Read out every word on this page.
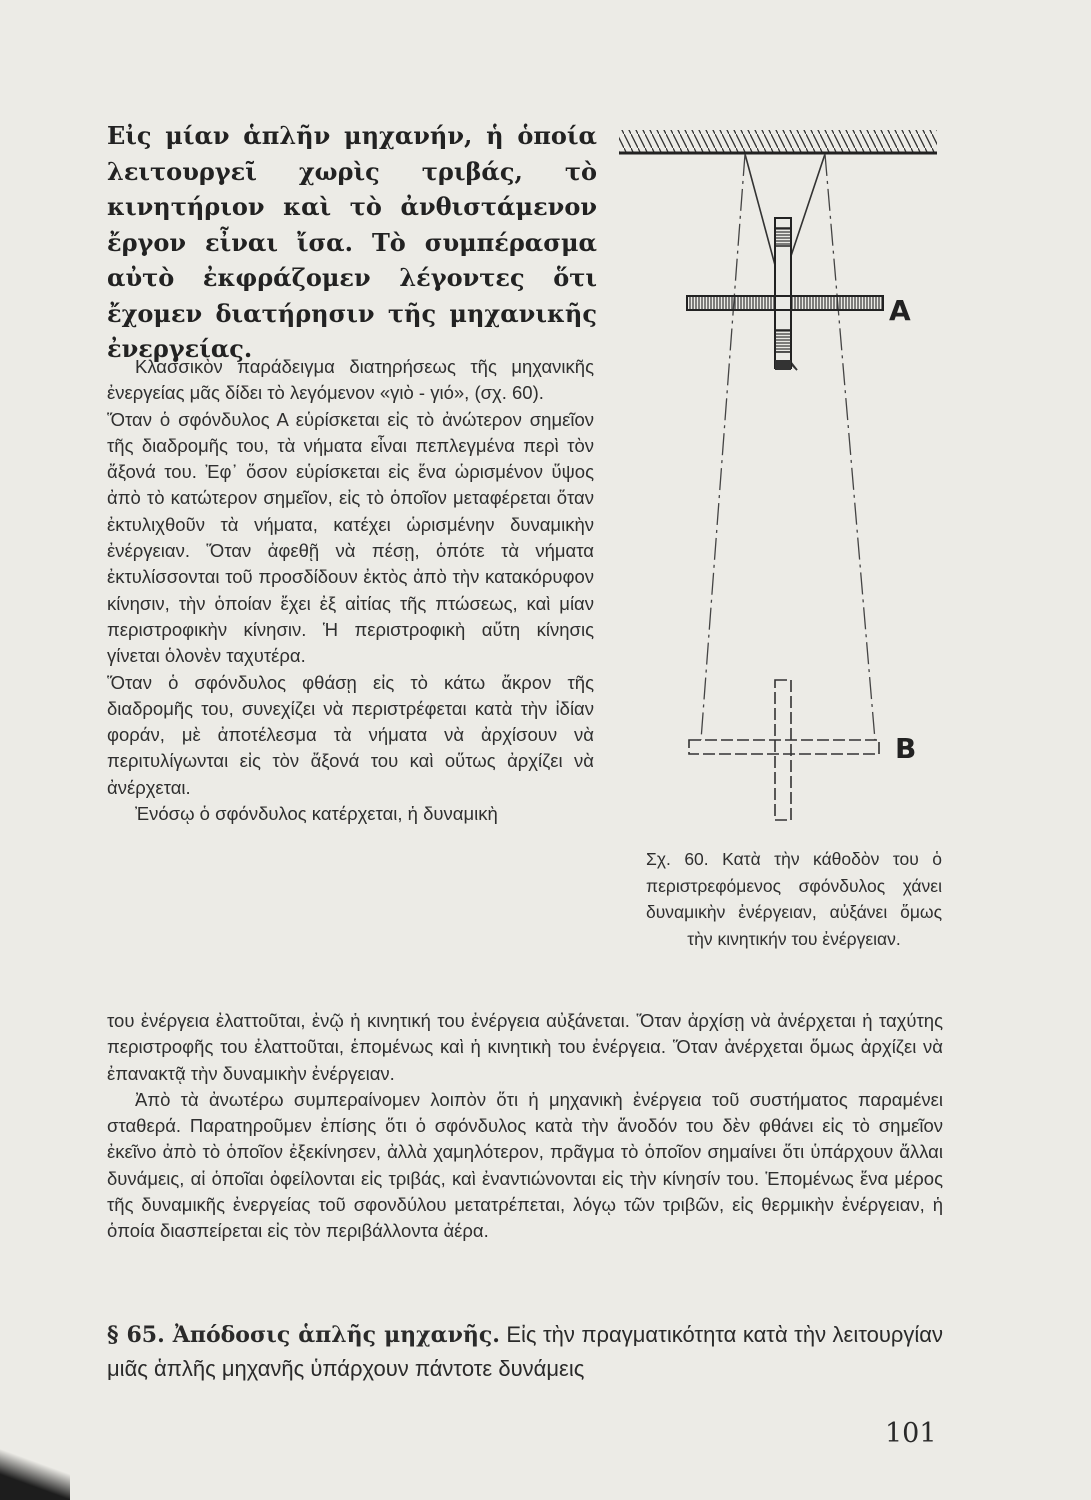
Εἰς μίαν ἁπλῆν μηχανήν, ἡ ὁποία λειτουργεῖ χωρὶς τριβάς, τὸ κινητήριον καὶ τὸ ἀνθιστάμενον ἔργον εἶναι ἴσα. Τὸ συμπέρασμα αὐτὸ ἐκφράζομεν λέγοντες ὅτι ἔχομεν διατήρησιν τῆς μηχανικῆς ἐνεργείας.

Κλασσικὸν παράδειγμα διατηρήσεως τῆς μηχανικῆς ἐνεργείας μᾶς δίδει τὸ λεγόμενον «γιὸ - γιό», (σχ. 60).

Ὅταν ὁ σφόνδυλος Α εὑρίσκεται εἰς τὸ ἀνώτερον σημεῖον τῆς διαδρομῆς του, τὰ νήματα εἶναι πεπλεγμένα περὶ τὸν ἄξονά του. Ἐφ᾽ ὅσον εὑρίσκεται εἰς ἕνα ὡρισμένον ὕψος ἀπὸ τὸ κατώτερον σημεῖον, εἰς τὸ ὁποῖον μεταφέρεται ὅταν ἐκτυλιχθοῦν τὰ νήματα, κατέχει ὡρισμένην δυναμικὴν ἐνέργειαν. Ὅταν ἀφεθῇ νὰ πέσῃ, ὁπότε τὰ νήματα ἐκτυλίσσονται τοῦ προσδίδουν ἐκτὸς ἀπὸ τὴν κατακόρυφον κίνησιν, τὴν ὁποίαν ἔχει ἐξ αἰτίας τῆς πτώσεως, καὶ μίαν περιστροφικὴν κίνησιν. Ἡ περιστροφικὴ αὕτη κίνησις γίνεται ὁλονὲν ταχυτέρα.

Ὅταν ὁ σφόνδυλος φθάσῃ εἰς τὸ κάτω ἄκρον τῆς διαδρομῆς του, συνεχίζει νὰ περιστρέφεται κατὰ τὴν ἰδίαν φοράν, μὲ ἀποτέλεσμα τὰ νήματα νὰ ἀρχίσουν νὰ περιτυλίγωνται εἰς τὸν ἄξονά του καὶ οὕτως ἀρχίζει νὰ ἀνέρχεται.

Ἐνόσῳ ὁ σφόνδυλος κατέρχεται, ἡ δυναμικὴ

του ἐνέργεια ἐλαττοῦται, ἐνῷ ἡ κινητική του ἐνέργεια αὐξάνεται. Ὅταν ἀρχίσῃ νὰ ἀνέρχεται ἡ ταχύτης περιστροφῆς του ἐλαττοῦται, ἑπομένως καὶ ἡ κινητικὴ του ἐνέργεια. Ὅταν ἀνέρχεται ὅμως ἀρχίζει νὰ ἐπανακτᾷ τὴν δυναμικὴν ἐνέργειαν.

Ἀπὸ τὰ ἀνωτέρω συμπεραίνομεν λοιπὸν ὅτι ἡ μηχανικὴ ἐνέργεια τοῦ συστήματος παραμένει σταθερά. Παρατηροῦμεν ἐπίσης ὅτι ὁ σφόνδυλος κατὰ τὴν ἄνοδόν του δὲν φθάνει εἰς τὸ σημεῖον ἐκεῖνο ἀπὸ τὸ ὁποῖον ἐξεκίνησεν, ἀλλὰ χαμηλότερον, πρᾶγμα τὸ ὁποῖον σημαίνει ὅτι ὑπάρχουν ἄλλαι δυνάμεις, αἱ ὁποῖαι ὀφείλονται εἰς τριβάς, καὶ ἐναντιώνονται εἰς τὴν κίνησίν του. Ἑπομένως ἕνα μέρος τῆς δυναμικῆς ἐνεργείας τοῦ σφονδύλου μετατρέπεται, λόγῳ τῶν τριβῶν, εἰς θερμικὴν ἐνέργειαν, ἡ ὁποία διασπείρεται εἰς τὸν περιβάλλοντα ἀέρα.

§ 65. Ἀπόδοσις ἁπλῆς μηχανῆς. Εἰς τὴν πραγματικότητα κατὰ τὴν λειτουργίαν μιᾶς ἁπλῆς μηχανῆς ὑπάρχουν πάντοτε δυνάμεις

A
B

Σχ. 60. Κατὰ τὴν κάθοδὸν του ὁ περιστρεφόμενος σφόνδυλος χάνει δυναμικὴν ἐνέργειαν, αὐξάνει ὅμως τὴν κινητικήν του ἐνέργειαν.

101
